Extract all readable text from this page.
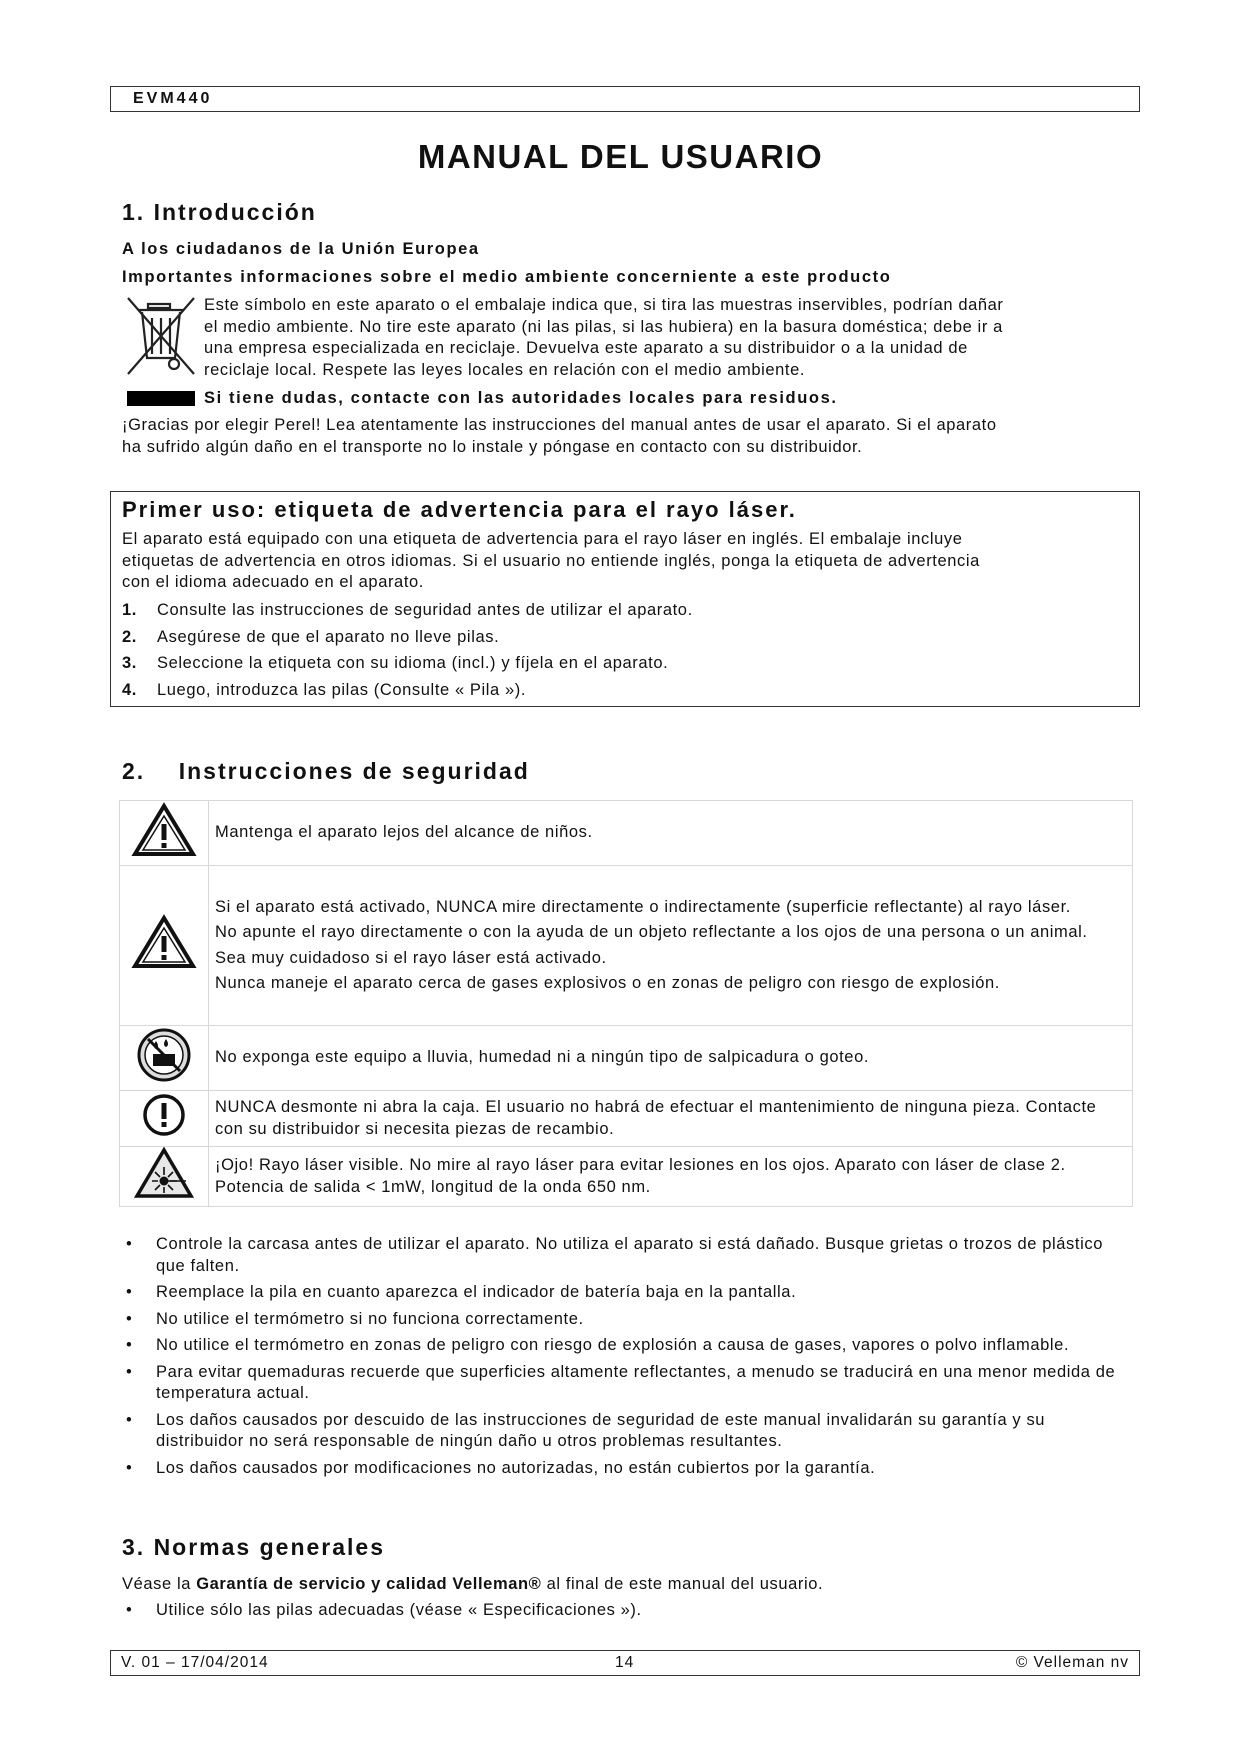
EVM440
MANUAL DEL USUARIO
1. Introducción
A los ciudadanos de la Unión Europea
Importantes informaciones sobre el medio ambiente concerniente a este producto
Este símbolo en este aparato o el embalaje indica que, si tira las muestras inservibles, podrían dañar
el medio ambiente. No tire este aparato (ni las pilas, si las hubiera) en la basura doméstica; debe ir a
una empresa especializada en reciclaje. Devuelva este aparato a su distribuidor o a la unidad de
reciclaje local. Respete las leyes locales en relación con el medio ambiente.
Si tiene dudas, contacte con las autoridades locales para residuos.
¡Gracias por elegir Perel! Lea atentamente las instrucciones del manual antes de usar el aparato. Si el aparato
ha sufrido algún daño en el transporte no lo instale y póngase en contacto con su distribuidor.
Primer uso: etiqueta de advertencia para el rayo láser.
El aparato está equipado con una etiqueta de advertencia para el rayo láser en inglés. El embalaje incluye
etiquetas de advertencia en otros idiomas. Si el usuario no entiende inglés, ponga la etiqueta de advertencia
con el idioma adecuado en el aparato.
1. Consulte las instrucciones de seguridad antes de utilizar el aparato.
2. Asegúrese de que el aparato no lleve pilas.
3. Seleccione la etiqueta con su idioma (incl.) y fíjela en el aparato.
4. Luego, introduzca las pilas (Consulte « Pila »).
2.    Instrucciones de seguridad

Mantenga el aparato lejos del alcance de niños.

Si el aparato está activado, NUNCA mire directamente o indirectamente (superficie reflectante) al rayo láser.

No apunte el rayo directamente o con la ayuda de un objeto reflectante a los ojos de una persona o un animal.

Sea muy cuidadoso si el rayo láser está activado.

Nunca maneje el aparato cerca de gases explosivos o en zonas de peligro con riesgo de explosión.

No exponga este equipo a lluvia, humedad ni a ningún tipo de salpicadura o goteo.

NUNCA desmonte ni abra la caja. El usuario no habrá de efectuar el mantenimiento de ninguna pieza. Contacte con su distribuidor si necesita piezas de recambio.

¡Ojo! Rayo láser visible. No mire al rayo láser para evitar lesiones en los ojos. Aparato con láser de clase 2. Potencia de salida < 1mW, longitud de la onda 650 nm.

• Controle la carcasa antes de utilizar el aparato. No utiliza el aparato si está dañado. Busque grietas o trozos de plástico que falten.
• Reemplace la pila en cuanto aparezca el indicador de batería baja en la pantalla.
• No utilice el termómetro si no funciona correctamente.
• No utilice el termómetro en zonas de peligro con riesgo de explosión a causa de gases, vapores o polvo inflamable.
• Para evitar quemaduras recuerde que superficies altamente reflectantes, a menudo se traducirá en una menor medida de temperatura actual.
• Los daños causados por descuido de las instrucciones de seguridad de este manual invalidarán su garantía y su distribuidor no será responsable de ningún daño u otros problemas resultantes.
• Los daños causados por modificaciones no autorizadas, no están cubiertos por la garantía.
3. Normas generales
Véase la Garantía de servicio y calidad Velleman® al final de este manual del usuario.
• Utilice sólo las pilas adecuadas (véase « Especificaciones »).
V. 01 – 17/04/2014	14	© Velleman nv
